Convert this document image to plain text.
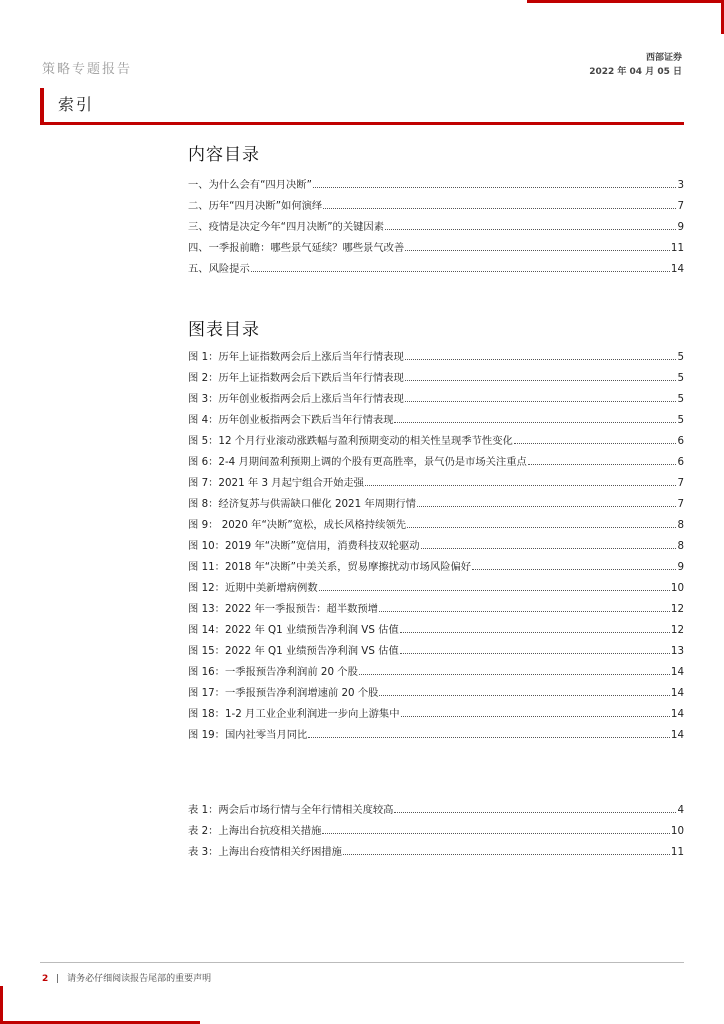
策略专题报告
西部证券
2022 年 04 月 05 日
索引
内容目录
一、为什么会有“四月决断”	3
二、历年“四月决断”如何演绎	7
三、疫情是决定今年“四月决断”的关键因素	9
四、一季报前瞻：哪些景气延续？哪些景气改善	11
五、风险提示	14
图表目录
图 1：历年上证指数两会后上涨后当年行情表现	5
图 2：历年上证指数两会后下跌后当年行情表现	5
图 3：历年创业板指两会后上涨后当年行情表现	5
图 4：历年创业板指两会下跌后当年行情表现	5
图 5：12 个月行业滚动涨跌幅与盈利预期变动的相关性呈现季节性变化	6
图 6：2-4 月期间盈利预期上调的个股有更高胜率，景气仍是市场关注重点	6
图 7：2021 年 3 月起宁组合开始走强	7
图 8：经济复苏与供需缺口催化 2021 年周期行情	7
图 9： 2020 年“决断”宽松，成长风格持续领先	8
图 10：2019 年“决断”宽信用，消费科技双轮驱动	8
图 11：2018 年“决断”中美关系，贸易摩擦扰动市场风险偏好	9
图 12：近期中美新增病例数	10
图 13：2022 年一季报预告：超半数预增	12
图 14：2022 年 Q1 业绩预告净利润 VS 估值	12
图 15：2022 年 Q1 业绩预告净利润 VS 估值	13
图 16：一季报预告净利润前 20 个股	14
图 17：一季报预告净利润增速前 20 个股	14
图 18：1-2 月工业企业利润进一步向上游集中	14
图 19：国内社零当月同比	14
表 1：两会后市场行情与全年行情相关度较高	4
表 2：上海出台抗疫相关措施	10
表 3：上海出台疫情相关纾困措施	11
2 | 请务必仔细阅读报告尾部的重要声明
